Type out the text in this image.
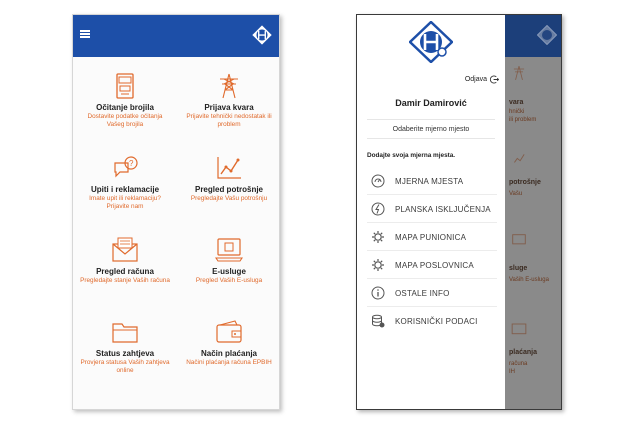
Očitanje brojila
Dostavite podatke očitanja Vašeg brojila
Prijava kvara
Prijavite tehnički nedostatak ili problem
?
Upiti i reklamacije
Imate upit ili reklamaciju? Prijavite nam
Pregled potrošnje
Pregledajte Vašu potrošnju
Pregled računa
Pregledajte stanje Vaših računa
E-usluge
Pregled Vaših E-usluga
Status zahtjeva
Provjera statusa Vaših zahtjeva online
Način plaćanja
Načini plaćanja računa EPBIH
vara
hnički
ili problem
potrošnje
Vašu
sluge
Vaših E-usluga
plaćanja
računa
IH
Odjava
Damir Damirović
Odaberite mjerno mjesto
Dodajte svoja mjerna mjesta.
MJERNA MJESTA
PLANSKA ISKLJUČENJA
MAPA PUNIONICA
MAPA POSLOVNICA
OSTALE INFO
KORISNIČKI PODACI
